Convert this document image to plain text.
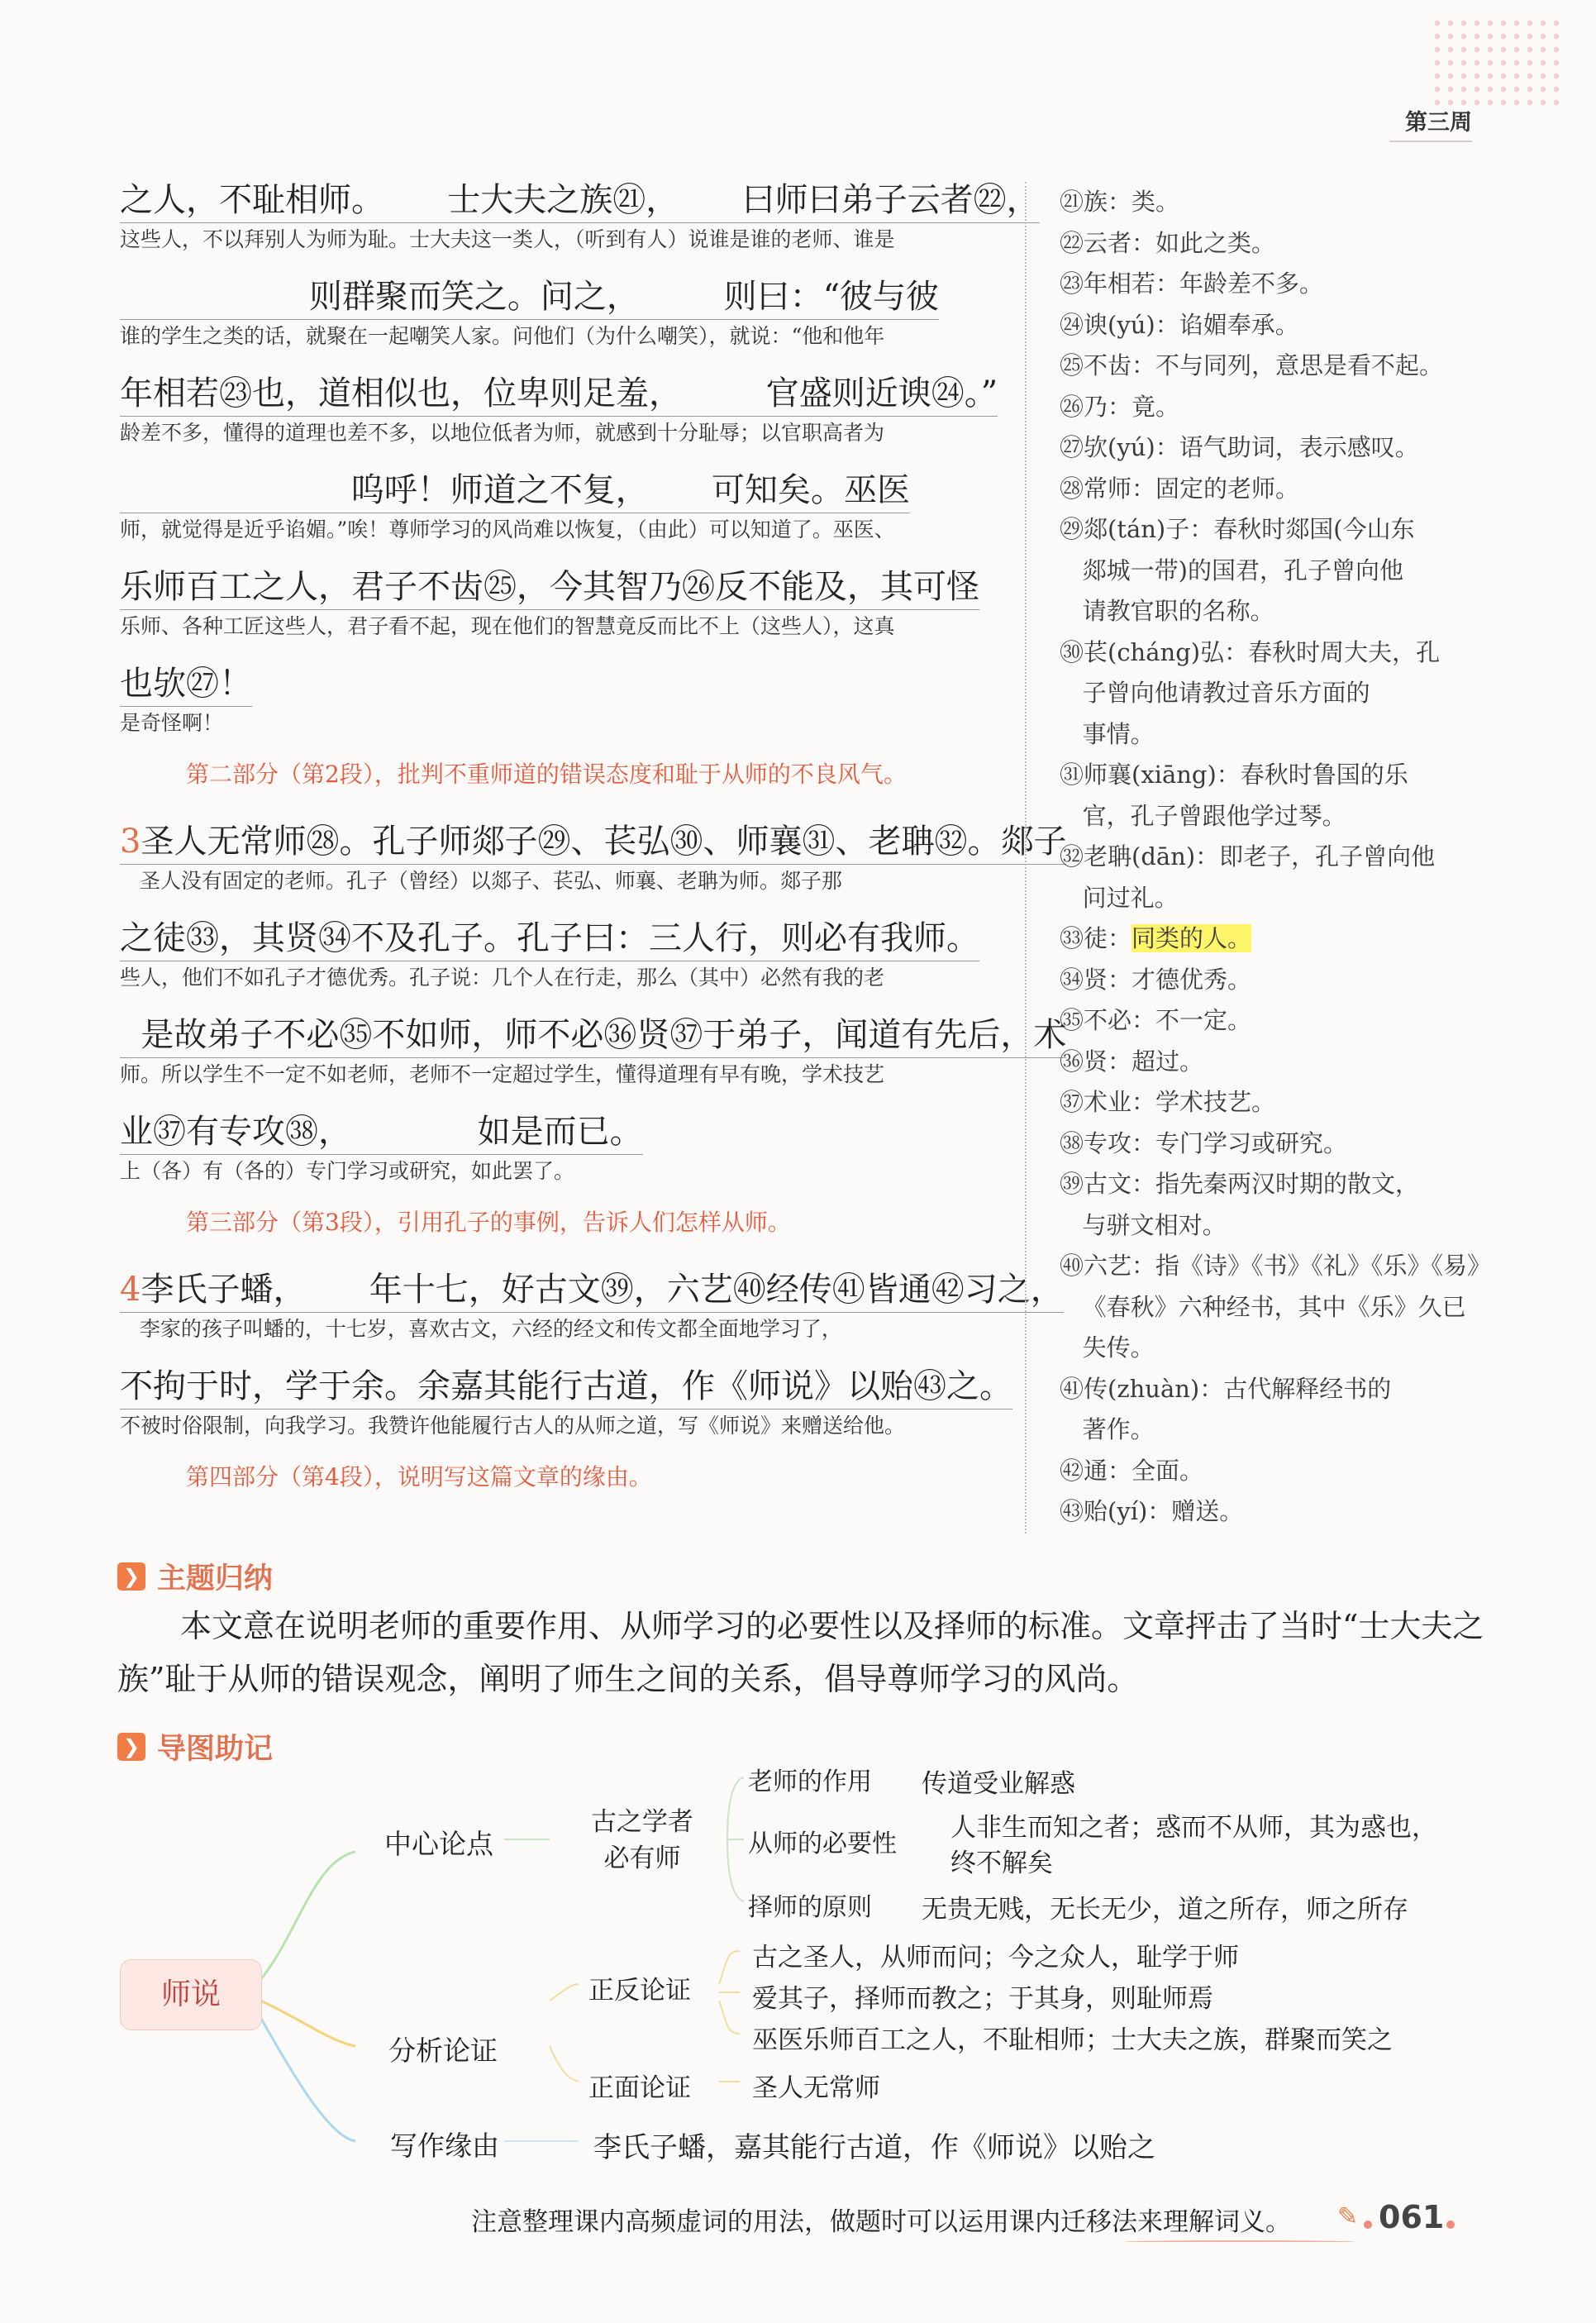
第三周
之人，不耻相师。      士大夫之族㉑，      曰师曰弟子云者㉒，
这些人，不以拜别人为师为耻。士大夫这一类人，（听到有人）说谁是谁的老师、谁是
则群聚而笑之。问之，        则曰：“彼与彼
谁的学生之类的话，就聚在一起嘲笑人家。问他们（为什么嘲笑），就说：“他和他年
年相若㉓也，道相似也，位卑则足羞，        官盛则近谀㉔。”
龄差不多，懂得的道理也差不多，以地位低者为师，就感到十分耻辱；以官职高者为
呜呼！师道之不复，      可知矣。巫医
师，就觉得是近乎谄媚。”唉！尊师学习的风尚难以恢复，（由此）可以知道了。巫医、
乐师百工之人，君子不齿㉕，今其智乃㉖反不能及，其可怪
乐师、各种工匠这些人，君子看不起，现在他们的智慧竟反而比不上（这些人），这真
也欤㉗！
是奇怪啊！
第二部分（第2段），批判不重师道的错误态度和耻于从师的不良风气。
3圣人无常师㉘。孔子师郯子㉙、苌弘㉚、师襄㉛、老聃㉜。郯子
圣人没有固定的老师。孔子（曾经）以郯子、苌弘、师襄、老聃为师。郯子那
之徒㉝，其贤㉞不及孔子。孔子曰：三人行，则必有我师。
些人，他们不如孔子才德优秀。孔子说：几个人在行走，那么（其中）必然有我的老
是故弟子不必㉟不如师，师不必㊱贤㊲于弟子，闻道有先后，术
师。所以学生不一定不如老师，老师不一定超过学生，懂得道理有早有晚，学术技艺
业㊲有专攻㊳，            如是而已。
上（各）有（各的）专门学习或研究，如此罢了。
第三部分（第3段），引用孔子的事例，告诉人们怎样从师。
4李氏子蟠，      年十七，好古文㊴，六艺㊵经传㊶皆通㊷习之，
李家的孩子叫蟠的，十七岁，喜欢古文，六经的经文和传文都全面地学习了，
不拘于时，学于余。余嘉其能行古道，作《师说》以贻㊸之。
不被时俗限制，向我学习。我赞许他能履行古人的从师之道，写《师说》来赠送给他。
第四部分（第4段），说明写这篇文章的缘由。
㉑族：类。
㉒云者：如此之类。
㉓年相若：年龄差不多。
㉔谀(yú)：谄媚奉承。
㉕不齿：不与同列，意思是看不起。
㉖乃：竟。
㉗欤(yú)：语气助词，表示感叹。
㉘常师：固定的老师。
㉙郯(tán)子：春秋时郯国(今山东
郯城一带)的国君，孔子曾向他
请教官职的名称。
㉚苌(cháng)弘：春秋时周大夫，孔
子曾向他请教过音乐方面的
事情。
㉛师襄(xiāng)：春秋时鲁国的乐
官，孔子曾跟他学过琴。
㉜老聃(dān)：即老子，孔子曾向他
问过礼。
㉝徒：同类的人。
㉞贤：才德优秀。
㉟不必：不一定。
㊱贤：超过。
㊲术业：学术技艺。
㊳专攻：专门学习或研究。
㊴古文：指先秦两汉时期的散文，
与骈文相对。
㊵六艺：指《诗》《书》《礼》《乐》《易》
《春秋》六种经书，其中《乐》久已
失传。
㊶传(zhuàn)：古代解释经书的
著作。
㊷通：全面。
㊸贻(yí)：赠送。
❯ 主题归纳
本文意在说明老师的重要作用、从师学习的必要性以及择师的标准。文章抨击了当时“士大夫之族”耻于从师的错误观念，阐明了师生之间的关系，倡导尊师学习的风尚。
❯ 导图助记
师说
中心论点
分析论证
写作缘由
古之学者
必有师
老师的作用 传道受业解惑
从师的必要性
人非生而知之者；惑而不从师，其为惑也，
终不解矣
择师的原则 无贵无贱，无长无少，道之所存，师之所存
正反论证
古之圣人，从师而问；今之众人，耻学于师
爱其子，择师而教之；于其身，则耻师焉
巫医乐师百工之人，不耻相师；士大夫之族，群聚而笑之
正面论证 圣人无常师
李氏子蟠，嘉其能行古道，作《师说》以贻之
注意整理课内高频虚词的用法，做题时可以运用课内迁移法来理解词义。 ✎ 061
